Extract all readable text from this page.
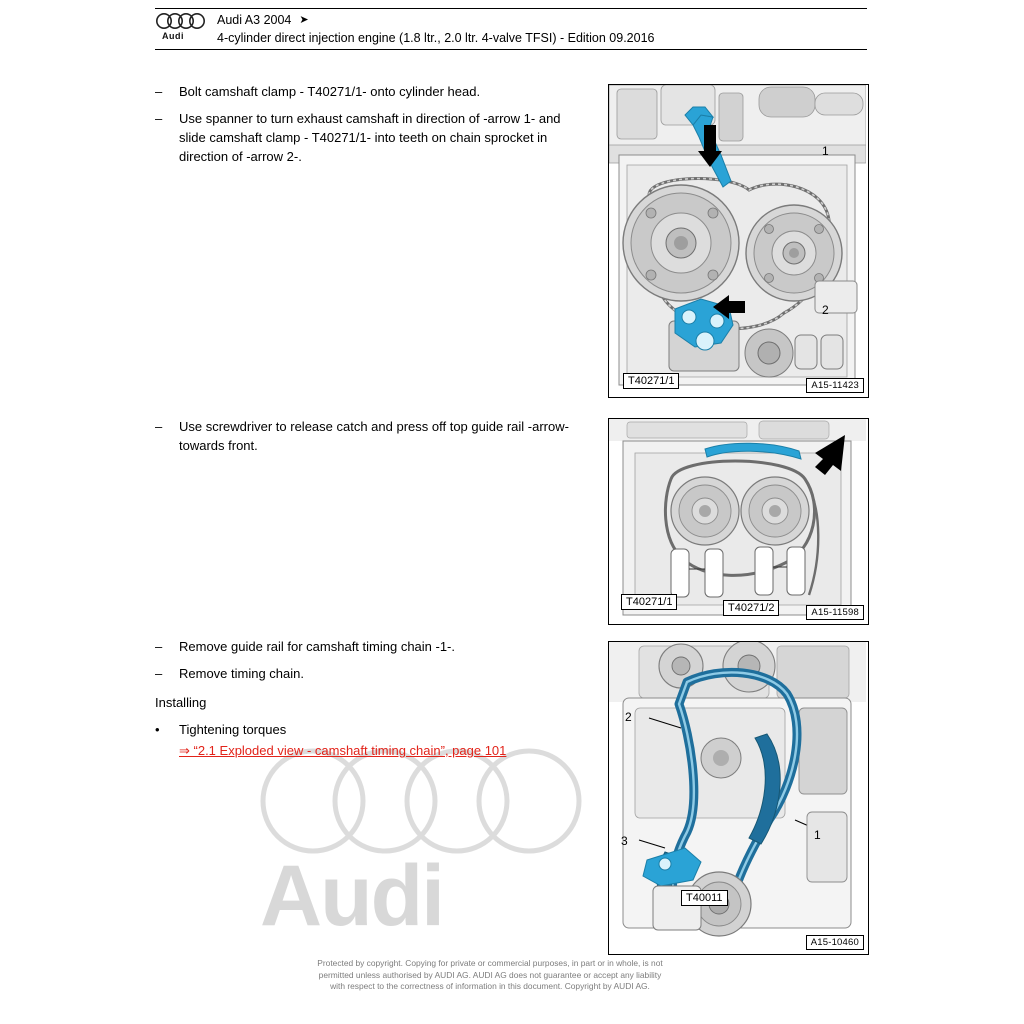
Audi A3 2004 ➤
4-cylinder direct injection engine (1.8 ltr., 2.0 ltr. 4-valve TFSI) - Edition 09.2016
Audi
Audi
–	Bolt camshaft clamp - T40271/1- onto cylinder head.
–	Use spanner to turn exhaust camshaft in direction of -arrow 1- and slide camshaft clamp - T40271/1- into teeth on chain sprocket in direction of -arrow 2-.
–	Use screwdriver to release catch and press off top guide rail -arrow- towards front.
–	Remove guide rail for camshaft timing chain -1-.
–	Remove timing chain.
Installing
•	Tightening torques
⇒ “2.1 Exploded view - camshaft timing chain”, page 101
T40271/1
1
2
A15-11423
T40271/1	T40271/2	A15-11598
2
1
3
T40011
A15-10460
Protected by copyright. Copying for private or commercial purposes, in part or in whole, is not
permitted unless authorised by AUDI AG. AUDI AG does not guarantee or accept any liability
with respect to the correctness of information in this document. Copyright by AUDI AG.
